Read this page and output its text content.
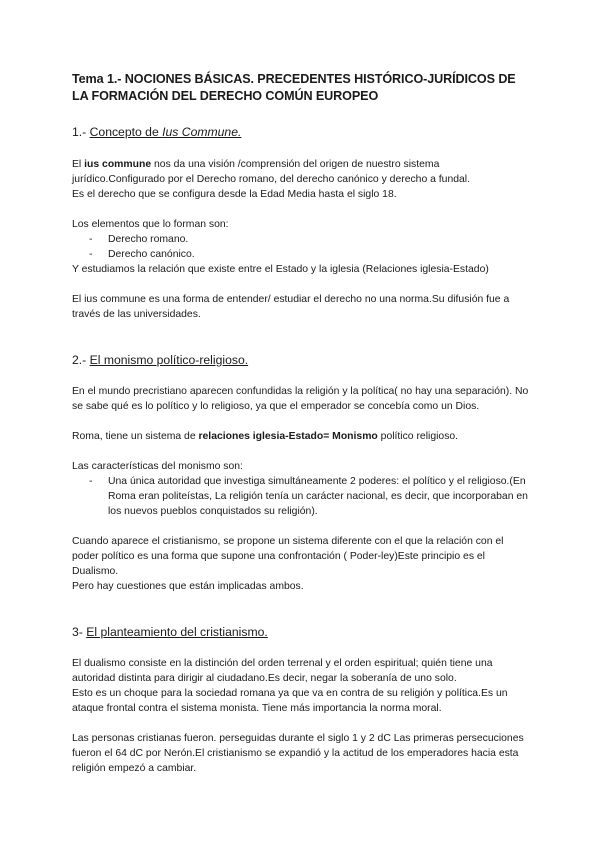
Tema 1.- NOCIONES BÁSICAS. PRECEDENTES HISTÓRICO-JURÍDICOS DE LA FORMACIÓN DEL DERECHO COMÚN EUROPEO
1.- Concepto de Ius Commune.

El ius commune nos da una visión /comprensión del origen de nuestro sistema jurídico.Configurado por el Derecho romano, del derecho canónico y derecho a fundal.

Es el derecho que se configura desde la Edad Media hasta el siglo 18.

Los elementos que lo forman son:

- Derecho romano.
- Derecho canónico.

Y estudiamos la relación que existe entre el Estado y la iglesia (Relaciones iglesia-Estado)

El ius commune es una forma de entender/ estudiar el derecho no una norma.Su difusión fue a través de las universidades.

2.- El monismo político-religioso.

En el mundo precristiano aparecen confundidas la religión y la política( no hay una separación). No se sabe qué es lo político y lo religioso, ya que el emperador se concebía como un Dios.

Roma, tiene un sistema de relaciones iglesia-Estado= Monismo político religioso.

Las características del monismo son:

- Una única autoridad que investiga simultáneamente 2 poderes: el político y el religioso.(En Roma eran politeístas, La religión tenía un carácter nacional, es decir, que incorporaban en los nuevos pueblos conquistados su religión).

Cuando aparece el cristianismo, se propone un sistema diferente con el que la relación con el poder político es una forma que supone una confrontación ( Poder-ley)Este principio es el Dualismo.

Pero hay cuestiones que están implicadas ambos.

3- El planteamiento del cristianismo.

El dualismo consiste en la distinción del orden terrenal y el orden espiritual; quién tiene una autoridad distinta para dirigir al ciudadano.Es decir, negar la soberanía de uno solo.

Esto es un choque para la sociedad romana ya que va en contra de su religión y política.Es un ataque frontal contra el sistema monista. Tiene más importancia la norma moral.

Las personas cristianas fueron. perseguidas durante el siglo 1 y 2 dC Las primeras persecuciones fueron el 64 dC por Nerón.El cristianismo se expandió y la actitud de los emperadores hacia esta religión empezó a cambiar.
